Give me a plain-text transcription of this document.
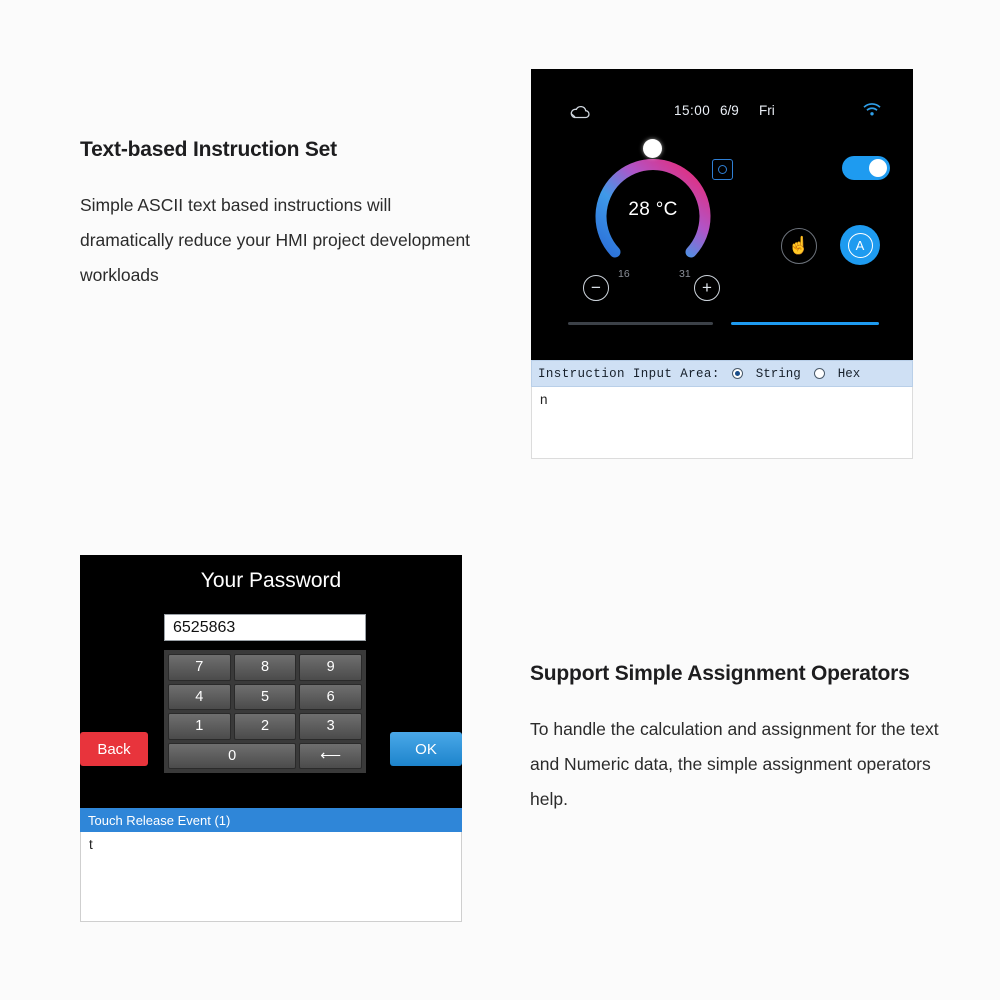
Text-based Instruction Set

Simple ASCII text based instructions will dramatically reduce your HMI project development workloads

15:00 6/9 Fri
28 °C
16	31
−	+
☝	A
Instruction Input Area:	String	Hex
n
Your Password
6525863
7	8	9
4	5	6
1	2	3
0	⟵
Back	OK
Touch Release Event (1)
t
Support Simple Assignment Operators

To handle the calculation and assignment for the text and Numeric data, the simple assignment operators help.
